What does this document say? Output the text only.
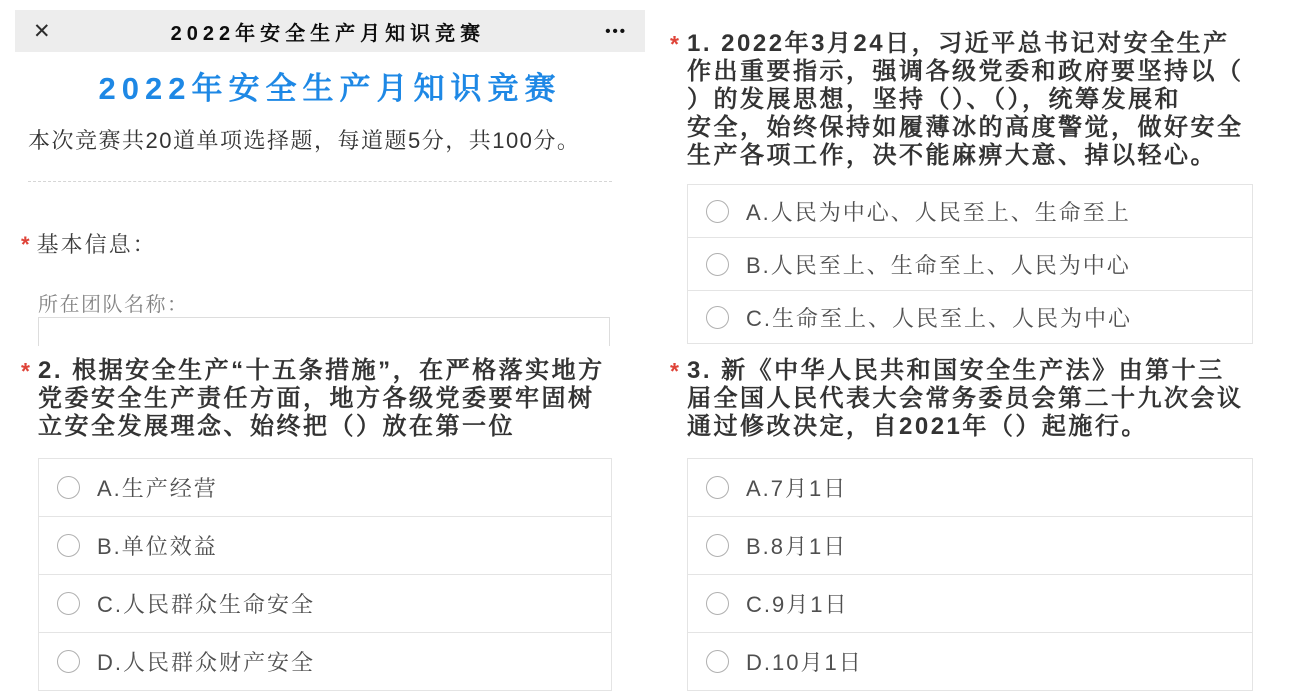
✕	2022年安全生产月知识竞赛	•••
2022年安全生产月知识竞赛
本次竞赛共20道单项选择题，每道题5分，共100分。
* 基本信息：
所在团队名称：
* 2. 根据安全生产“十五条措施”，在严格落实地方
党委安全生产责任方面，地方各级党委要牢固树
立安全发展理念、始终把（）放在第一位
A.生产经营
B.单位效益
C.人民群众生命安全
D.人民群众财产安全
* 1. 2022年3月24日，习近平总书记对安全生产
作出重要指示，强调各级党委和政府要坚持以（
）的发展思想，坚持（）、（），统筹发展和
安全，始终保持如履薄冰的高度警觉，做好安全
生产各项工作，决不能麻痹大意、掉以轻心。
A.人民为中心、人民至上、生命至上
B.人民至上、生命至上、人民为中心
C.生命至上、人民至上、人民为中心
* 3. 新《中华人民共和国安全生产法》由第十三
届全国人民代表大会常务委员会第二十九次会议
通过修改决定，自2021年（）起施行。
A.7月1日
B.8月1日
C.9月1日
D.10月1日
